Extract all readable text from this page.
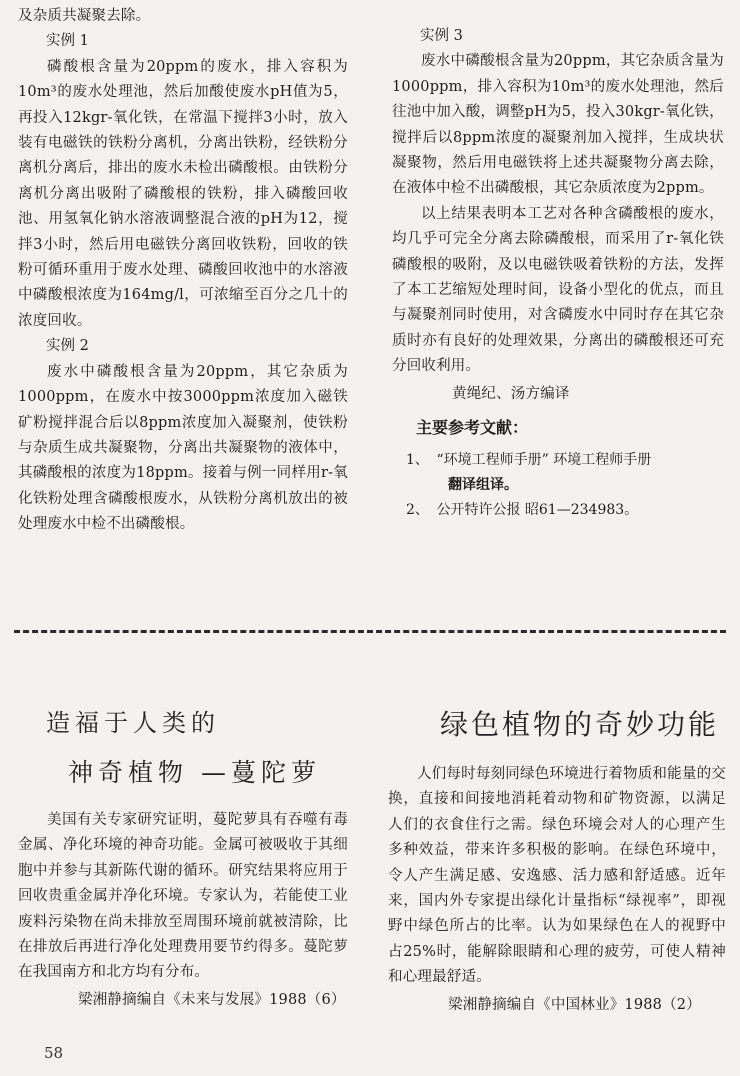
及杂质共凝聚去除。

实例 1

磷酸根含量为20ppm的废水，排入容积为10m³的废水处理池，然后加酸使废水pH值为5，再投入12kgr-氧化铁，在常温下搅拌3小时，放入装有电磁铁的铁粉分离机，分离出铁粉，经铁粉分离机分离后，排出的废水未检出磷酸根。由铁粉分离机分离出吸附了磷酸根的铁粉，排入磷酸回收池、用氢氧化钠水溶液调整混合液的pH为12，搅拌3小时，然后用电磁铁分离回收铁粉，回收的铁粉可循环重用于废水处理、磷酸回收池中的水溶液中磷酸根浓度为164mg/l，可浓缩至百分之几十的浓度回收。

实例 2

废水中磷酸根含量为20ppm，其它杂质为1000ppm，在废水中按3000ppm浓度加入磁铁矿粉搅拌混合后以8ppm浓度加入凝聚剂，使铁粉与杂质生成共凝聚物，分离出共凝聚物的液体中，其磷酸根的浓度为18ppm。接着与例一同样用r-氧化铁粉处理含磷酸根废水，从铁粉分离机放出的被处理废水中检不出磷酸根。

实例 3

废水中磷酸根含量为20ppm，其它杂质含量为1000ppm，排入容积为10m³的废水处理池，然后往池中加入酸，调整pH为5，投入30kgr-氧化铁，搅拌后以8ppm浓度的凝聚剂加入搅拌，生成块状凝聚物，然后用电磁铁将上述共凝聚物分离去除，在液体中检不出磷酸根，其它杂质浓度为2ppm。

以上结果表明本工艺对各种含磷酸根的废水，均几乎可完全分离去除磷酸根，而采用了r-氧化铁磷酸根的吸附，及以电磁铁吸着铁粉的方法，发挥了本工艺缩短处理时间，设备小型化的优点，而且与凝聚剂同时使用，对含磷废水中同时存在其它杂质时亦有良好的处理效果，分离出的磷酸根还可充分回收利用。

黄绳纪、汤方编译

主要参考文献：

1、 “环境工程师手册” 环境工程师手册

翻译组译。

2、 公开特许公报 昭61—234983。

造福于人类的
神奇植物 —蔓陀萝
绿色植物的奇妙功能

美国有关专家研究证明，蔓陀萝具有吞噬有毒金属、净化环境的神奇功能。金属可被吸收于其细胞中并参与其新陈代谢的循环。研究结果将应用于回收贵重金属并净化环境。专家认为，若能使工业废料污染物在尚未排放至周围环境前就被清除，比在排放后再进行净化处理费用要节约得多。蔓陀萝在我国南方和北方均有分布。

梁湘静摘编自《未来与发展》1988（6）

人们每时每刻同绿色环境进行着物质和能量的交换，直接和间接地消耗着动物和矿物资源，以满足人们的衣食住行之需。绿色环境会对人的心理产生多种效益，带来许多积极的影响。在绿色环境中，令人产生满足感、安逸感、活力感和舒适感。近年来，国内外专家提出绿化计量指标“绿视率”，即视野中绿色所占的比率。认为如果绿色在人的视野中占25%时，能解除眼睛和心理的疲劳，可使人精神和心理最舒适。

梁湘静摘编自《中国林业》1988（2）

58
